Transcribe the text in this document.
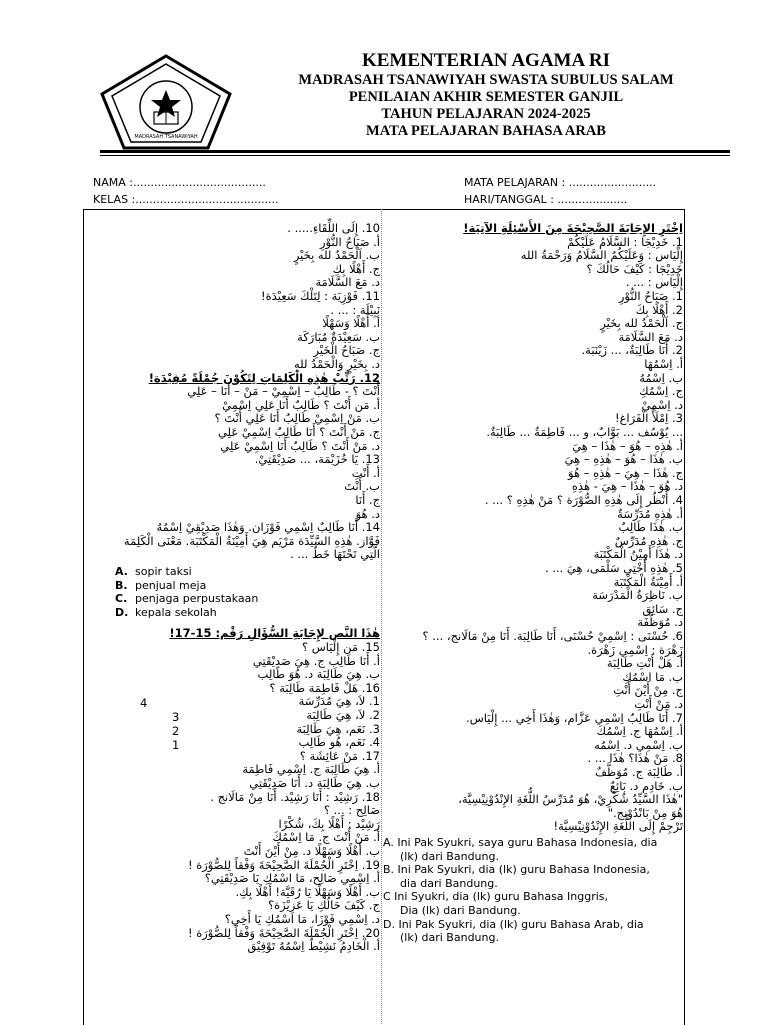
MADRASAH TSANAWIYAH
KEMENTERIAN AGAMA RI
MADRASAH TSANAWIYAH SWASTA SUBULUS SALAM
PENILAIAN AKHIR SEMESTER GANJIL
TAHUN PELAJARAN 2024-2025
MATA PELAJARAN BAHASA ARAB
NAMA :......................................
KELAS :.........................................
MATA PELAJARAN : .........................
HARI/TANGGAL : ....................
اِخْتَرِ الإِجَابَةَ الصَّحِيْحَةَ مِنَ الأَسْئِلَةِ الآتِيَة!
1. خَدِيْجَا : السَّلَامُ عَلَيْكُمْ
إِلْيَاس : وَعَلَيْكُمُ السَّلَامُ وَرَحْمَةُ الله
خَدِيْجَا : كَيْفَ حَالُكَ ؟
إِلْيَاس : ... .
1. صَبَاحُ النُّوْرِ
2. أَهْلًا بِكَ
ج. اَلْحَمْدُ لله بِخَيْرٍ
د. مَعَ السَّلَامَة
2. أَنَا طَالِبَةٌ، ... زَيْنَبَة.
أ. اِسْمُهَا
ب. اِسْمُهُ
ج. اِسْمُكِ
د. اِسْمِيْ
3. اِمْلَأُ الْفَرَاغ!
... يُوْسُف ... بَوَّابٌ، و ... فَاطِمَةُ ... طَالِبَةٌ.
أ. هٰذِهِ – هُوَ – هٰذَا – هِيَ
ب. هٰذَا – هُوَ – هٰذِهِ – هِيَ
ج. هٰذَا – هِيَ – هٰذِهِ – هُوَ
د. هُوَ – هٰذَا – هِيَ - هٰذِهِ
4. أُنْظُر إِلَى هٰذِهِ الصُّوْرَة ؟ مَنْ هٰذِهِ ؟ ... .
أ. هٰذِهِ مُدَرِّسَةٌ
ب. هٰذَا طَالِبٌ
ج. هٰذِهِ مُدَرِّسٌ
د. هٰذَا أَمِيْنُ الْمَكْتَبَة
5. هٰذِهِ أُخْتِي سَلْمَى، هِيَ ... .
أ. أَمِيْنَةُ الْمَكْتَبَة
ب. نَاظِرَةُ الْمَدْرَسَة
ج. سَائِق
د. مُوَظَّفَة
6. حُسْنَى : اِسْمِيْ حُسْنَى، أَنَا طَالِبَة. أَنَا مِنْ مَالَانج، ... ؟
زَهْرَة : اِسْمِي زَهْرَة.
أ. هَلْ أَنْتِ طَالِبَة
ب. مَا اسْمُكِ
ج. مِنْ أَيْنَ أَنْتِ
د. مَنْ أَنْتِ
7. أَنَا طَالِبٌ اِسْمِي عَزَّام، وَهٰذَا أَخِي ... إِلْيَاس.
أ. اِسْمُهَا ج. اِسْمُكَ
ب. اِسْمِي د. اِسْمُه
8. مَنْ هٰذَا؟ هٰذَا ... .
أ. طَالِبَة ج. مُوَظَّفٌ
ب. خَادِم د. بَائِعٌ
"هٰذَا السَّيِّدُ شُكْرِيْ، هُوَ مُدَرِّسُ اللُّغَةِ الإِنْدُوْنِيْسِيَّة،
هُوَ مِنْ بَانْدُوْنج."
تَرْجِمْ إِلَى اللُّغَةِ الإِنْدُوْنِيْسِيَّة!
10. إِلَى اللِّقَاءِ..... .
أ. صَبَاحُ النُّوْرِ
ب. اَلْحَمْدُ لله بِخَيْرٍ
ج. أَهْلًا بِكِ
د. مَعَ السَّلَامَة
11. فَوْزِيَة : لِتَلْكَ سَعِيْدَة!
نَبِيْلَة : ... .
أ. أَهْلًا وَسَهْلًا
ب. سَعِيْدَةٌ مُبَارَكَة
ج. صَبَاحُ الْخَيْرِ
د. بِخَيْرٍ وَالْحَمْدُ لله
12. رَتِّبْ هٰذِهِ الْكَلِمَاتِ لِتَكُوْنَ جُمْلَةً مُفِيْدَة!
أَنْتَ ؟ - طَالِبٌ – اِسْمِيْ – مَنْ – أَنَا – عَلِي
أ. مَن أَنْتَ ؟ طَالِبٌ أَنَا عَلِي اِسْمِيْ
ب. مَنْ اِسْمِيْ طَالِبٌ أَنَا عَلِي أَنْتَ ؟
ج. مَنْ أَنْتَ ؟ أَنَا طَالِبٌ اِسْمِيْ عَلِي
د. مَنْ أَنْتَ ؟ طَالِبٌ أَنَا اِسْمِيْ عَلِي
13. يَا خُزَيْمَة، ... صَدِيْقَتِيْ.
أ. أَنْتِ
ب. أَنْتَ
ج. أَنَا
د. هُوَ
14. أَنَا طَالِبٌ اِسْمِي فَوْزَان. وَهٰذَا صَدِيْقِيْ اِسْمُهُ
فَوَّاز. هٰذِهِ السَّيِّدَة مَرْيَم هِيَ أَمِيْنَةُ الْمَكْتَبَة. مَعْنَى الْكَلِمَة
الَّتِي تَحْتَهَا خَطٌ ... .
هٰذَا النَّص لِإِجَابَةِ السُّؤَالِ رَقْم: 15-17!
15. مَن إِلْيَاس ؟
أ. أَنَا طَالِب ج. هِيَ صَدِيْقَتِي
ب. هِيَ طَالِبَة د. هُوَ طَالِب
16. هَلْ فَاطِمَة طَالِبَة ؟
1. لاَ، هِيَ مُدَرِّسَة
2. لاَ، هِيَ طَالِبَة
3. نَعَم، هِيَ طَالِبَة
4. نَعَم، هُو طَالِب
17. مَنْ عَائِشَة ؟
أ. هِيَ طَالِبَة ج. اِسْمِي فَاطِمَة
ب. هِيَ طَالِبَة د. أَنَا صَدِيْقَتِي
18. رَشِيْد : أَنَا رَشِيْد. أَنَا مِنْ مَالَانج .
صَالِح : ... ؟
رَشِيْد : أَهْلًا بِكَ، شُكْرًا
أ. مَنْ أَنْتَ ج. مَا اِسْمُكَ
ب. أَهْلًا وَسَهْلًا د. مِنْ أَيْنَ أَنْتَ
19. اِخْتَرِ الْجُمْلَةَ الصَّحِيْحَةَ وَفْقاً لِلصُّوْرَة !
أ. اِسْمِي صَالِح، مَا اسْمُكِ يَا صَدِيْقَتِي؟
ب. أَهْلًا وَسَهْلًا يَا رُقَيَّة! أَهْلًا بِكِ.
ج. كَيْفَ حَالُكِ يَا عَزِيْزَة؟
د. اِسْمِي فَوْزَا، مَا اسْمُكِ يَا أَخِي؟
20. اِخْتَرِ الْجُمْلَةَ الصَّحِيْحَةَ وَفْقاً لِلصُّوْرَة !
أ. الْخَادِمُ نَشِيْطٌ اِسْمُهُ تَوْفِيْق
4
3
2
1
A. Ini Pak Syukri, saya guru Bahasa Indonesia, dia
(lk) dari Bandung.
B. Ini Pak Syukri, dia (lk) guru Bahasa Indonesia,
dia dari Bandung.
C Ini Syukri, dia (lk) guru Bahasa Inggris,
Dia (lk) dari Bandung.
D. Ini Pak Syukri, dia (lk) guru Bahasa Arab, dia
(lk) dari Bandung.
A. sopir taksi
B. penjual meja
C. penjaga perpustakaan
D. kepala sekolah
